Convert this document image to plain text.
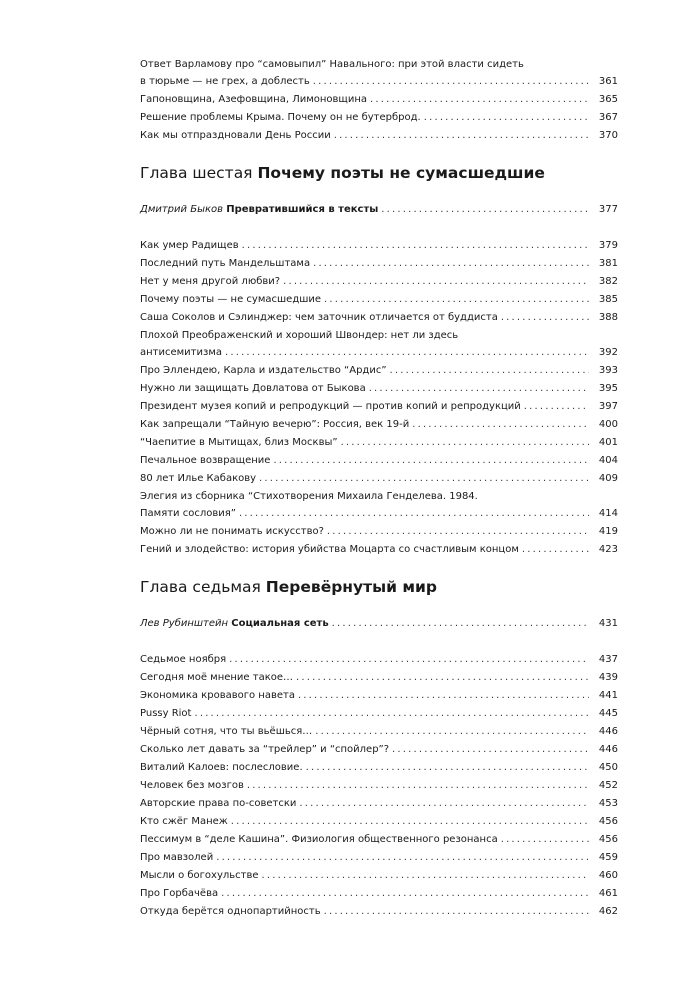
Ответ Варламову про “самовыпил” Навального: при этой власти сидеть
в тюрьме — не грех, а доблесть . . .	361
Гапоновщина, Азефовщина, Лимоновщина . . .	365
Решение проблемы Крыма. Почему он не бутерброд. . . .	367
Как мы отпраздновали День России . . .	370
Глава шестая Почему поэты не сумасшедшие
Дмитрий Быков Превратившийся в тексты . . .	377
Как умер Радищев . . .	379
Последний путь Мандельштама . . .	381
Нет у меня другой любви? . . .	382
Почему поэты — не сумасшедшие . . .	385
Саша Соколов и Сэлинджер: чем заточник отличается от буддиста . . .	388
Плохой Преображенский и хороший Швондер: нет ли здесь
антисемитизма . . .	392
Про Эллендею, Карла и издательство “Ардис” . . .	393
Нужно ли защищать Довлатова от Быкова . . .	395
Президент музея копий и репродукций — против копий и репродукций . . .	397
Как запрещали “Тайную вечерю”: Россия, век 19-й . . .	400
“Чаепитие в Мытищах, близ Москвы” . . .	401
Печальное возвращение . . .	404
80 лет Илье Кабакову . . .	409
Элегия из сборника “Стихотворения Михаила Генделева. 1984.
Памяти сословия” . . .	414
Можно ли не понимать искусство? . . .	419
Гений и злодейство: история убийства Моцарта со счастливым концом . . .	423
Глава седьмая Перевёрнутый мир
Лев Рубинштейн Социальная сеть . . .	431
Седьмое ноября . . .	437
Сегодня моё мнение такое… . . .	439
Экономика кровавого навета . . .	441
Pussy Riot . . .	445
Чёрный сотня, что ты вьёшься… . . .	446
Сколько лет давать за “трейлер” и “спойлер”? . . .	446
Виталий Калоев: послесловие. . . .	450
Человек без мозгов . . .	452
Авторские права по-советски . . .	453
Кто сжёг Манеж . . .	456
Пессимум в “деле Кашина”. Физиология общественного резонанса . . .	456
Про мавзолей . . .	459
Мысли о богохульстве . . .	460
Про Горбачёва . . .	461
Откуда берётся однопартийность . . .	462
